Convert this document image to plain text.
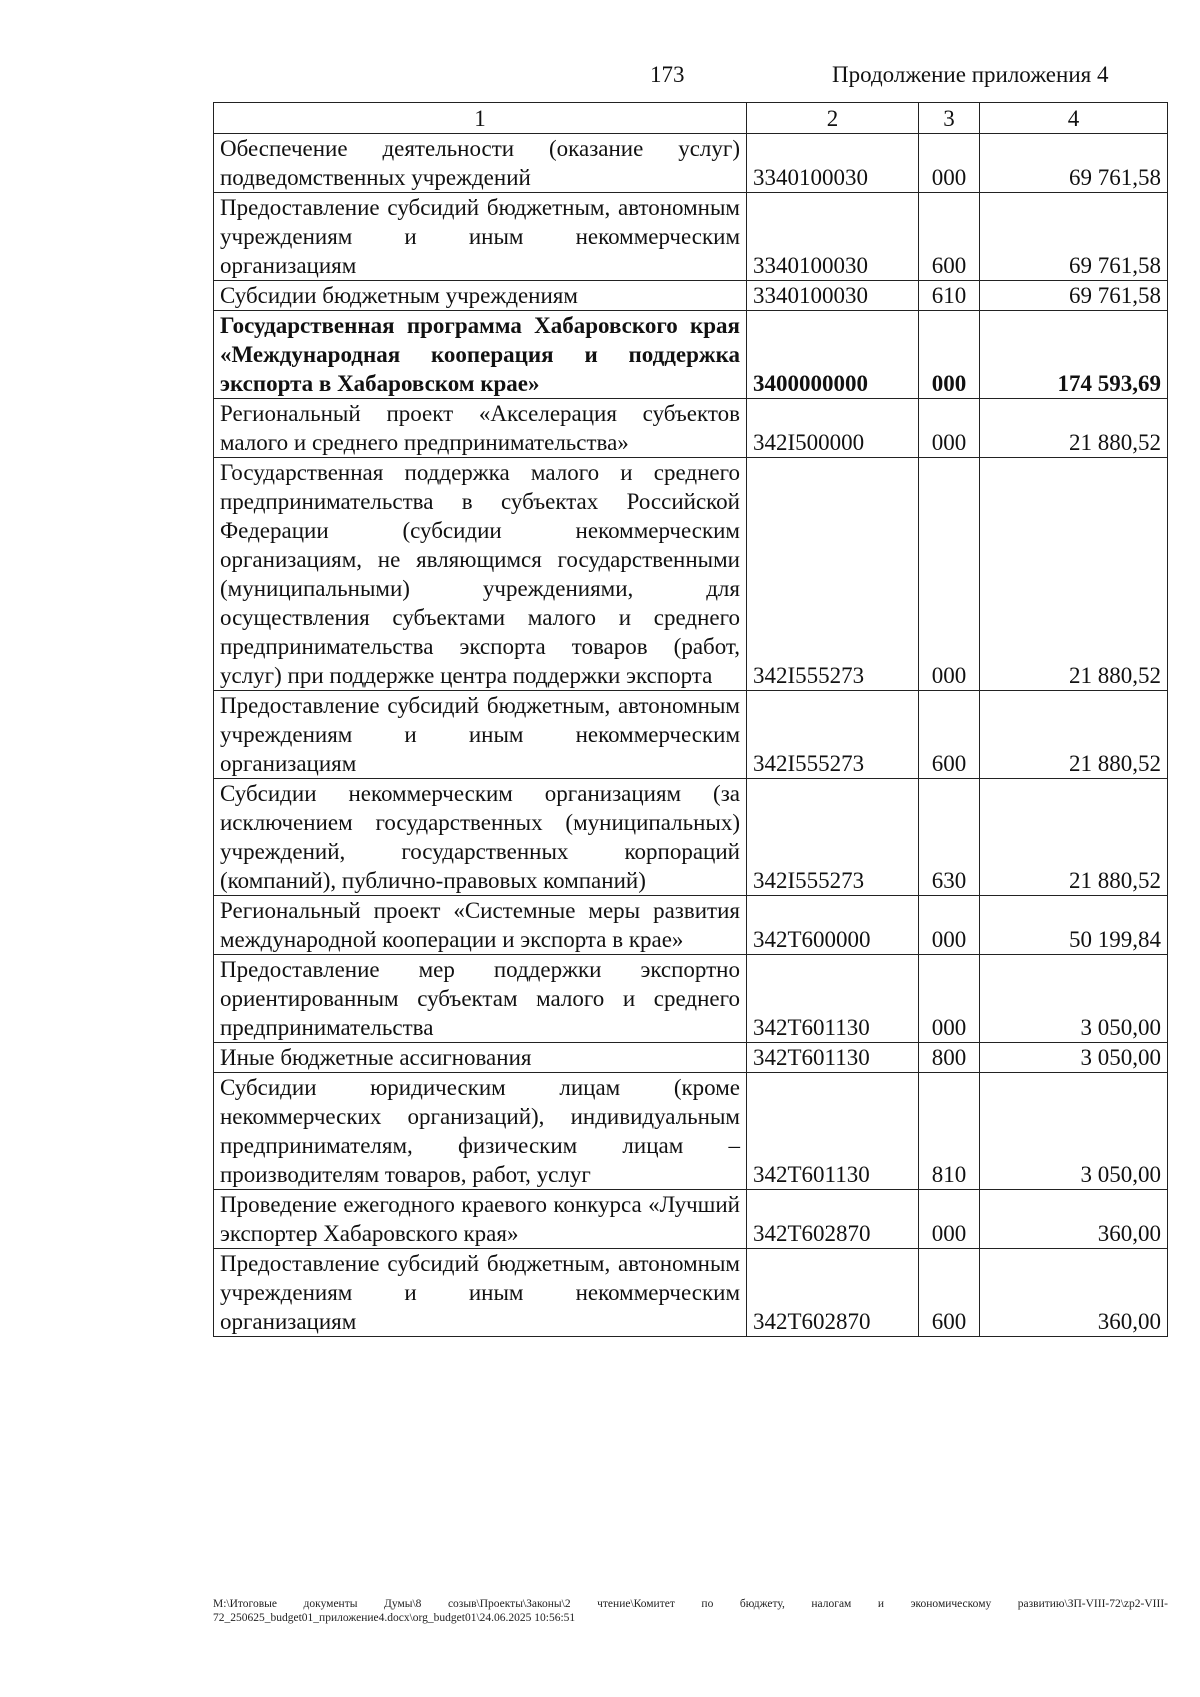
173	Продолжение приложения 4
1	2	3	4
Обеспечение деятельности (оказание услуг) подведомственных учреждений	3340100030	000	69 761,58
Предоставление субсидий бюджетным, автономным учреждениям и иным некоммерческим организациям	3340100030	600	69 761,58
Субсидии бюджетным учреждениям	3340100030	610	69 761,58
Государственная программа Хабаровского края «Международная кооперация и поддержка экспорта в Хабаровском крае»	3400000000	000	174 593,69
Региональный проект «Акселерация субъектов малого и среднего предпринимательства»	342I500000	000	21 880,52
Государственная поддержка малого и среднего предпринимательства в субъектах Российской Федерации (субсидии некоммерческим организациям, не являющимся государственными (муниципальными) учреждениями, для осуществления субъектами малого и среднего предпринимательства экспорта товаров (работ, услуг) при поддержке центра поддержки экспорта	342I555273	000	21 880,52
Предоставление субсидий бюджетным, автономным учреждениям и иным некоммерческим организациям	342I555273	600	21 880,52
Субсидии некоммерческим организациям (за исключением государственных (муниципальных) учреждений, государственных корпораций (компаний), публично-правовых компаний)	342I555273	630	21 880,52
Региональный проект «Системные меры развития международной кооперации и экспорта в крае»	342T600000	000	50 199,84
Предоставление мер поддержки экспортно ориентированным субъектам малого и среднего предпринимательства	342T601130	000	3 050,00
Иные бюджетные ассигнования	342T601130	800	3 050,00
Субсидии юридическим лицам (кроме некоммерческих организаций), индивидуальным предпринимателям, физическим лицам – производителям товаров, работ, услуг	342T601130	810	3 050,00
Проведение ежегодного краевого конкурса «Лучший экспортер Хабаровского края»	342T602870	000	360,00
Предоставление субсидий бюджетным, автономным учреждениям и иным некоммерческим организациям	342T602870	600	360,00
M:\Итоговые документы Думы\8 созыв\Проекты\Законы\2 чтение\Комитет по бюджету, налогам и экономическому развитию\ЗП-VIII-72\zp2-VIII-72_250625_budget01_приложение4.docx\org_budget01\24.06.2025 10:56:51
